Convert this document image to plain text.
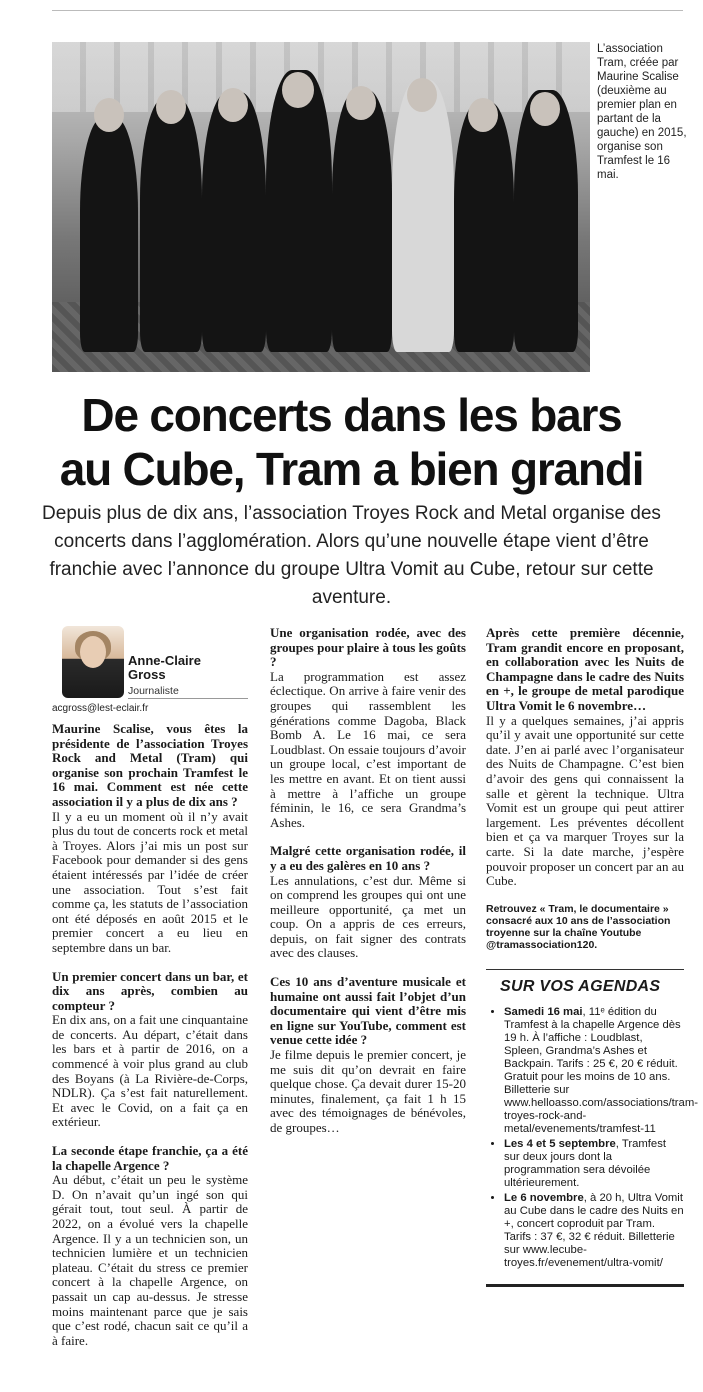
L’association Tram, créée par Maurine Scalise (deuxième au premier plan en partant de la gauche) en 2015, organise son Tramfest le 16 mai.
De concerts dans les bars
au Cube, Tram a bien grandi

Depuis plus de dix ans, l’association Troyes Rock and Metal organise des concerts dans l’agglomération. Alors qu’une nouvelle étape vient d’être franchie avec l’annonce du groupe Ultra Vomit au Cube, retour sur cette aventure.

Anne-Claire
Gross
Journaliste
acgross@lest-eclair.fr

Maurine Scalise, vous êtes la présidente de l’association Troyes Rock and Metal (Tram) qui organise son prochain Tramfest le 16 mai. Comment est née cette association il y a plus de dix ans ?
Il y a eu un moment où il n’y avait plus du tout de concerts rock et metal à Troyes. Alors j’ai mis un post sur Facebook pour demander si des gens étaient intéressés par l’idée de créer une association. Tout s’est fait comme ça, les statuts de l’association ont été déposés en août 2015 et le premier concert a eu lieu en septembre dans un bar.

Un premier concert dans un bar, et dix ans après, combien au compteur ?
En dix ans, on a fait une cinquantaine de concerts. Au départ, c’était dans les bars et à partir de 2016, on a commencé à voir plus grand au club des Boyans (à La Rivière-de-Corps, NDLR). Ça s’est fait naturellement. Et avec le Covid, on a fait ça en extérieur.

La seconde étape franchie, ça a été la chapelle Argence ?
Au début, c’était un peu le système D. On n’avait qu’un ingé son qui gérait tout, tout seul. À partir de 2022, on a évolué vers la chapelle Argence. Il y a un technicien son, un technicien lumière et un technicien plateau. C’était du stress ce premier concert à la chapelle Argence, on passait un cap au-dessus. Je stresse moins maintenant parce que je sais que c’est rodé, chacun sait ce qu’il a à faire.

Une organisation rodée, avec des groupes pour plaire à tous les goûts ?
La programmation est assez éclectique. On arrive à faire venir des groupes qui rassemblent les générations comme Dagoba, Black Bomb A. Le 16 mai, ce sera Loudblast. On essaie toujours d’avoir un groupe local, c’est important de les mettre en avant. Et on tient aussi à mettre à l’affiche un groupe féminin, le 16, ce sera Grandma’s Ashes.

Malgré cette organisation rodée, il y a eu des galères en 10 ans ?
Les annulations, c’est dur. Même si on comprend les groupes qui ont une meilleure opportunité, ça met un coup. On a appris de ces erreurs, depuis, on fait signer des contrats avec des clauses.

Ces 10 ans d’aventure musicale et humaine ont aussi fait l’objet d’un documentaire qui vient d’être mis en ligne sur YouTube, comment est venue cette idée ?
Je filme depuis le premier concert, je me suis dit qu’on devrait en faire quelque chose. Ça devait durer 15-20 minutes, finalement, ça fait 1 h 15 avec des témoignages de bénévoles, de groupes…

Après cette première décennie, Tram grandit encore en proposant, en collaboration avec les Nuits de Champagne dans le cadre des Nuits en +, le groupe de metal parodique Ultra Vomit le 6 novembre…
Il y a quelques semaines, j’ai appris qu’il y avait une opportunité sur cette date. J’en ai parlé avec l’organisateur des Nuits de Champagne. C’est bien d’avoir des gens qui connaissent la salle et gèrent la technique. Ultra Vomit est un groupe qui peut attirer largement. Les préventes décollent bien et ça va marquer Troyes sur la carte. Si la date marche, j’espère pouvoir proposer un concert par an au Cube.

Retrouvez « Tram, le documentaire » consacré aux 10 ans de l’association troyenne sur la chaîne Youtube @tramassociation120.

SUR VOS AGENDAS
• Samedi 16 mai, 11ᵉ édition du Tramfest à la chapelle Argence dès 19 h. À l’affiche : Loudblast, Spleen, Grandma’s Ashes et Backpain. Tarifs : 25 €, 20 € réduit. Gratuit pour les moins de 10 ans. Billetterie sur www.helloasso.com/associations/tram-troyes-rock-and-metal/evenements/tramfest-11
• Les 4 et 5 septembre, Tramfest sur deux jours dont la programmation sera dévoilée ultérieurement.
• Le 6 novembre, à 20 h, Ultra Vomit au Cube dans le cadre des Nuits en +, concert coproduit par Tram. Tarifs : 37 €, 32 € réduit. Billetterie sur www.lecube-troyes.fr/evenement/ultra-vomit/
